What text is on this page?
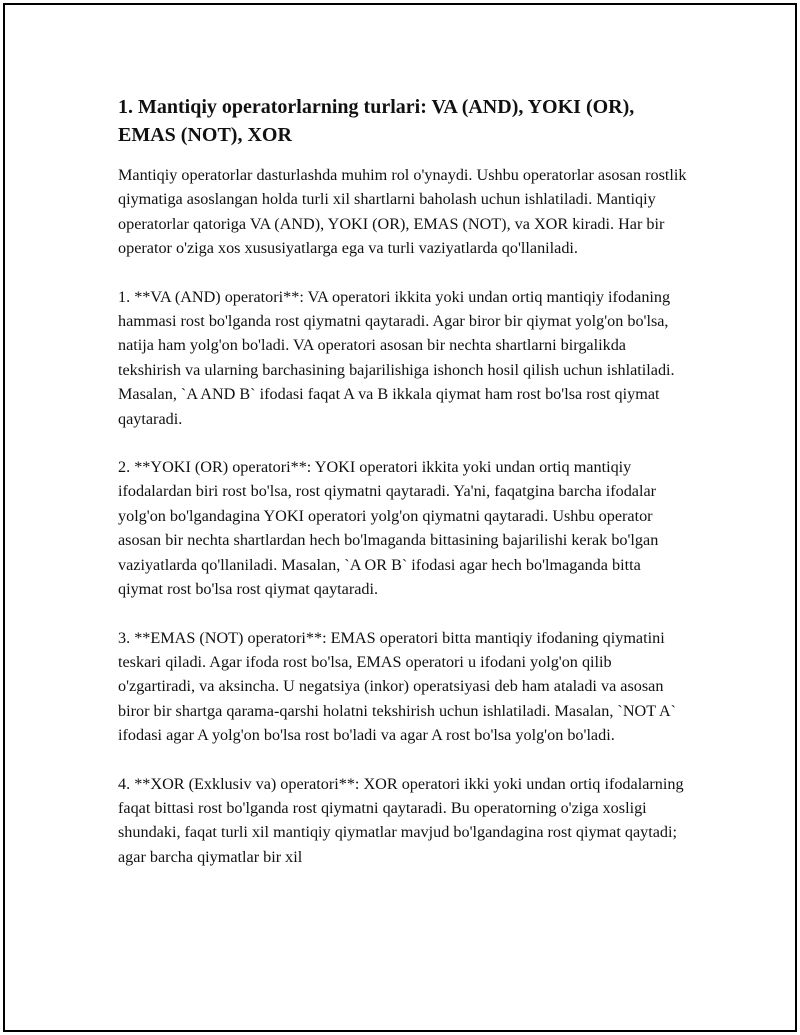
1. Mantiqiy operatorlarning turlari: VA (AND), YOKI (OR), EMAS (NOT), XOR

Mantiqiy operatorlar dasturlashda muhim rol o'ynaydi. Ushbu operatorlar asosan rostlik qiymatiga asoslangan holda turli xil shartlarni baholash uchun ishlatiladi. Mantiqiy operatorlar qatoriga VA (AND), YOKI (OR), EMAS (NOT), va XOR kiradi. Har bir operator o'ziga xos xususiyatlarga ega va turli vaziyatlarda qo'llaniladi.

1. **VA (AND) operatori**: VA operatori ikkita yoki undan ortiq mantiqiy ifodaning hammasi rost bo'lganda rost qiymatni qaytaradi. Agar biror bir qiymat yolg'on bo'lsa, natija ham yolg'on bo'ladi. VA operatori asosan bir nechta shartlarni birgalikda tekshirish va ularning barchasining bajarilishiga ishonch hosil qilish uchun ishlatiladi. Masalan, `A AND B` ifodasi faqat A va B ikkala qiymat ham rost bo'lsa rost qiymat qaytaradi.

2. **YOKI (OR) operatori**: YOKI operatori ikkita yoki undan ortiq mantiqiy ifodalardan biri rost bo'lsa, rost qiymatni qaytaradi. Ya'ni, faqatgina barcha ifodalar yolg'on bo'lgandagina YOKI operatori yolg'on qiymatni qaytaradi. Ushbu operator asosan bir nechta shartlardan hech bo'lmaganda bittasining bajarilishi kerak bo'lgan vaziyatlarda qo'llaniladi. Masalan, `A OR B` ifodasi agar hech bo'lmaganda bitta qiymat rost bo'lsa rost qiymat qaytaradi.

3. **EMAS (NOT) operatori**: EMAS operatori bitta mantiqiy ifodaning qiymatini teskari qiladi. Agar ifoda rost bo'lsa, EMAS operatori u ifodani yolg'on qilib o'zgartiradi, va aksincha. U negatsiya (inkor) operatsiyasi deb ham ataladi va asosan biror bir shartga qarama-qarshi holatni tekshirish uchun ishlatiladi. Masalan, `NOT A` ifodasi agar A yolg'on bo'lsa rost bo'ladi va agar A rost bo'lsa yolg'on bo'ladi.

4. **XOR (Exklusiv va) operatori**: XOR operatori ikki yoki undan ortiq ifodalarning faqat bittasi rost bo'lganda rost qiymatni qaytaradi. Bu operatorning o'ziga xosligi shundaki, faqat turli xil mantiqiy qiymatlar mavjud bo'lgandagina rost qiymat qaytadi; agar barcha qiymatlar bir xil
